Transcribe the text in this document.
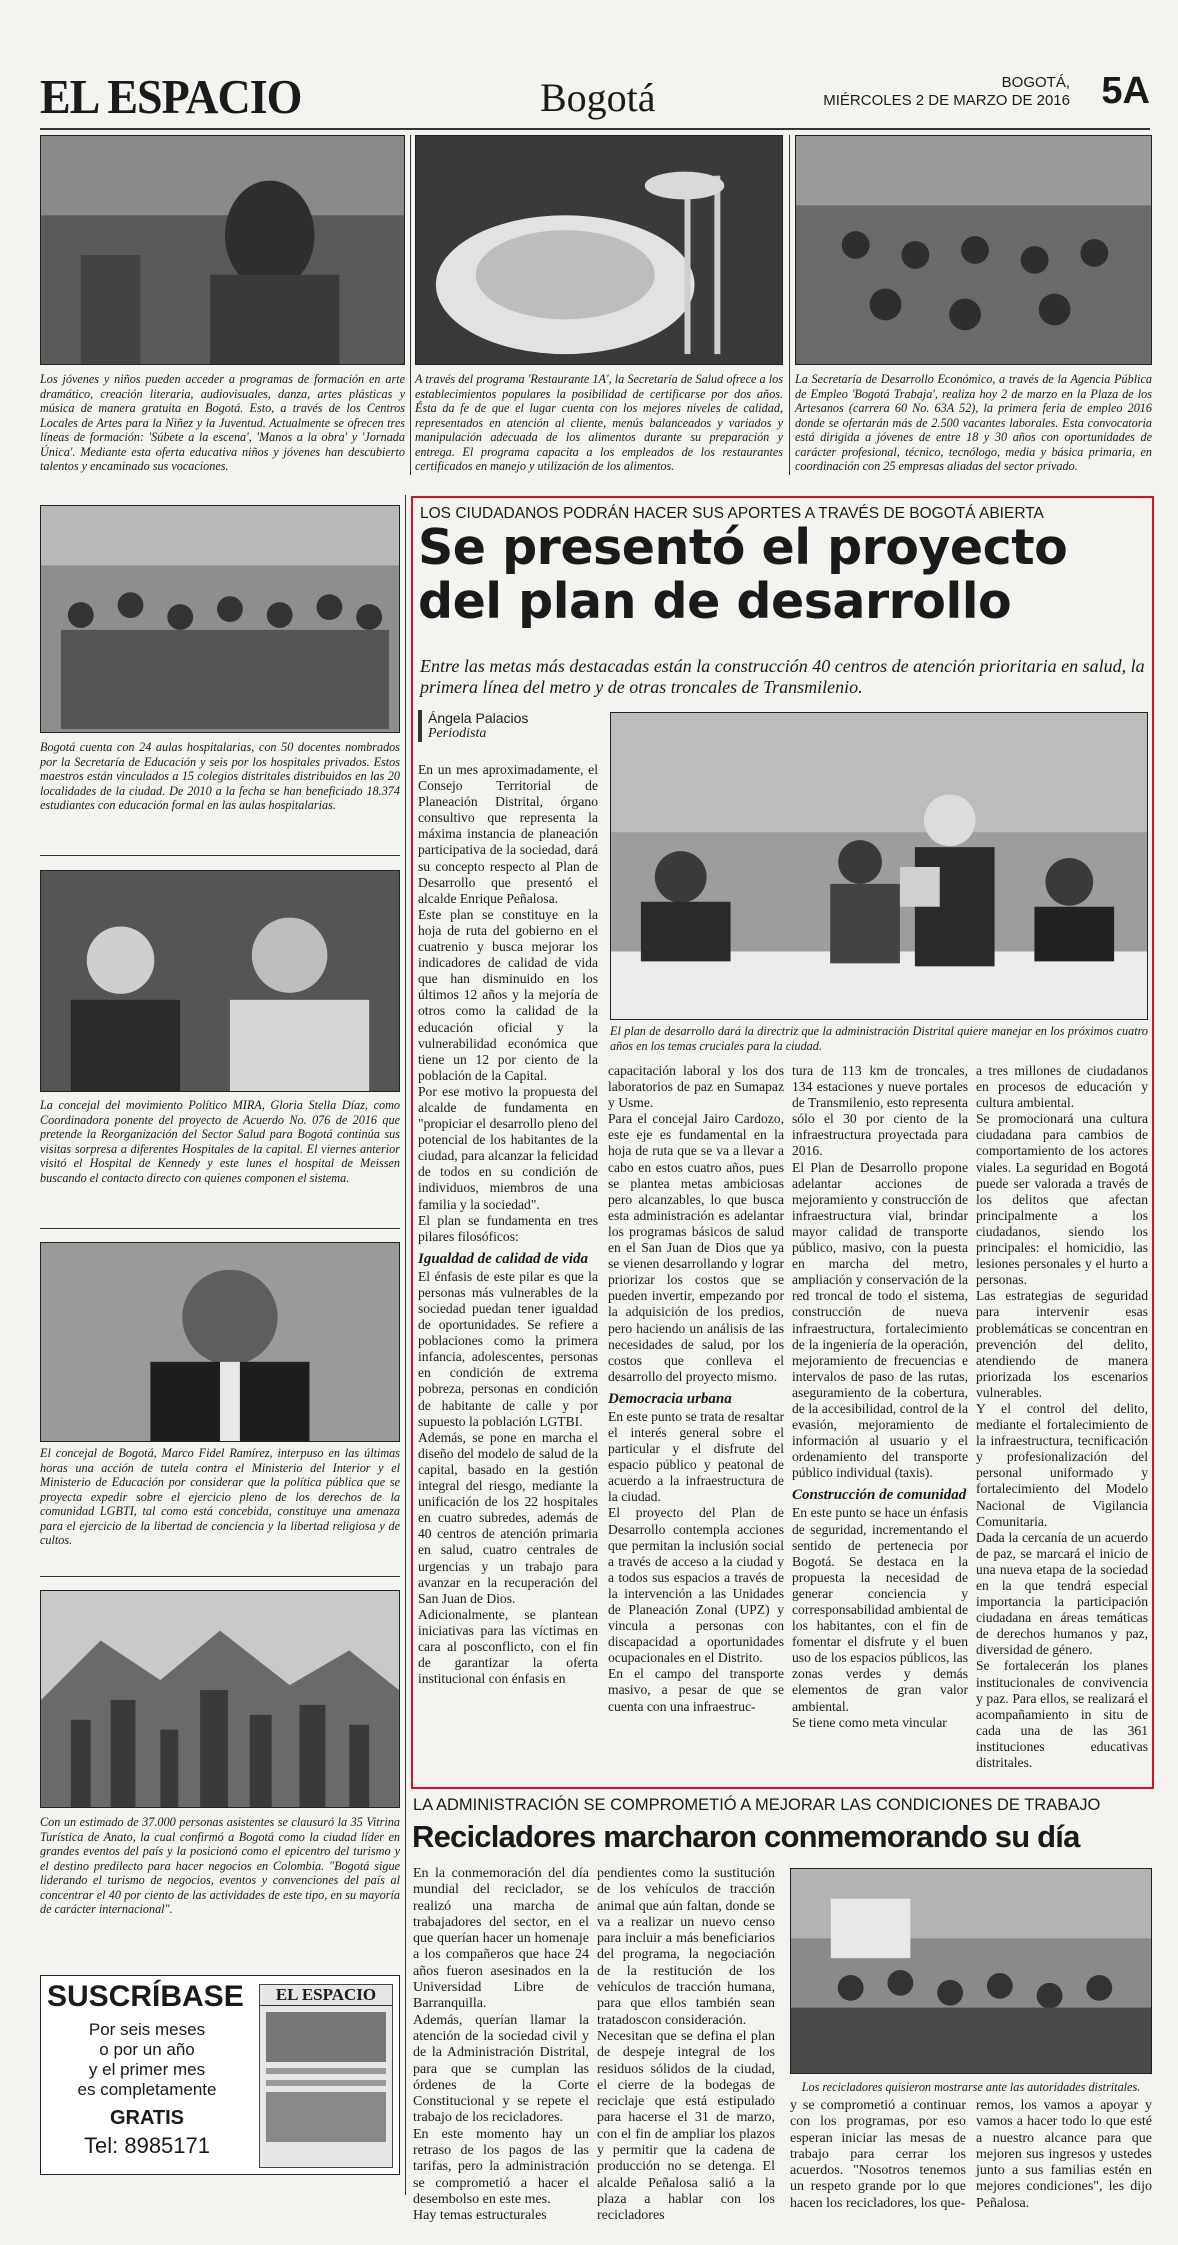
EL ESPACIO	Bogotá	BOGOTÁ,
MIÉRCOLES 2 DE MARZO DE 2016 5A
Los jóvenes y niños pueden acceder a programas de formación en arte dramático, creación literaria, audiovisuales, danza, artes plásticas y música de manera gratuita en Bogotá. Esto, a través de los Centros Locales de Artes para la Niñez y la Juventud. Actualmente se ofrecen tres líneas de formación: 'Súbete a la escena', 'Manos a la obra' y 'Jornada Única'. Mediante esta oferta educativa niños y jóvenes han descubierto talentos y encaminado sus vocaciones.
A través del programa 'Restaurante 1A', la Secretaría de Salud ofrece a los establecimientos populares la posibilidad de certificarse por dos años. Ésta da fe de que el lugar cuenta con los mejores niveles de calidad, representados en atención al cliente, menús balanceados y variados y manipulación adecuada de los alimentos durante su preparación y entrega. El programa capacita a los empleados de los restaurantes certificados en manejo y utilización de los alimentos.
La Secretaría de Desarrollo Económico, a través de la Agencia Pública de Empleo 'Bogotá Trabaja', realiza hoy 2 de marzo en la Plaza de los Artesanos (carrera 60 No. 63A 52), la primera feria de empleo 2016 donde se ofertarán más de 2.500 vacantes laborales. Esta convocatoria está dirigida a jóvenes de entre 18 y 30 años con oportunidades de carácter profesional, técnico, tecnólogo, media y básica primaria, en coordinación con 25 empresas aliadas del sector privado.
Bogotá cuenta con 24 aulas hospitalarias, con 50 docentes nombrados por la Secretaría de Educación y seis por los hospitales privados. Estos maestros están vinculados a 15 colegios distritales distribuidos en las 20 localidades de la ciudad. De 2010 a la fecha se han beneficiado 18.374 estudiantes con educación formal en las aulas hospitalarias.
La concejal del movimiento Político MIRA, Gloria Stella Díaz, como Coordinadora ponente del proyecto de Acuerdo No. 076 de 2016 que pretende la Reorganización del Sector Salud para Bogotá continúa sus visitas sorpresa a diferentes Hospitales de la capital. El viernes anterior visitó el Hospital de Kennedy y este lunes el hospital de Meissen buscando el contacto directo con quienes componen el sistema.
El concejal de Bogotá, Marco Fidel Ramírez, interpuso en las últimas horas una acción de tutela contra el Ministerio del Interior y el Ministerio de Educación por considerar que la política pública que se proyecta expedir sobre el ejercicio pleno de los derechos de la comunidad LGBTI, tal como está concebida, constituye una amenaza para el ejercicio de la libertad de conciencia y la libertad religiosa y de cultos.
Con un estimado de 37.000 personas asistentes se clausuró la 35 Vitrina Turística de Anato, la cual confirmó a Bogotá como la ciudad líder en grandes eventos del país y la posicionó como el epicentro del turismo y el destino predilecto para hacer negocios en Colombia. "Bogotá sigue liderando el turismo de negocios, eventos y convenciones del país al concentrar el 40 por ciento de las actividades de este tipo, en su mayoría de carácter internacional".
SUSCRÍBASE
Por seis meses
o por un año
y el primer mes
es completamente
GRATIS
Tel: 8985171
EL ESPACIO
LOS CIUDADANOS PODRÁN HACER SUS APORTES A TRAVÉS DE BOGOTÁ ABIERTA
Se presentó el proyecto
del plan de desarrollo
Entre las metas más destacadas están la construcción 40 centros de atención prioritaria en salud, la primera línea del metro y de otras troncales de Transmilenio.
Ángela Palacios
Periodista
El plan de desarrollo dará la directriz que la administración Distrital quiere manejar en los próximos cuatro años en los temas cruciales para la ciudad.

En un mes aproximadamente, el Consejo Territorial de Planeación Distrital, órgano consultivo que representa la máxima instancia de planeación participativa de la sociedad, dará su concepto respecto al Plan de Desarrollo que presentó el alcalde Enrique Peñalosa.

Este plan se constituye en la hoja de ruta del gobierno en el cuatrenio y busca mejorar los indicadores de calidad de vida que han disminuido en los últimos 12 años y la mejoría de otros como la calidad de la educación oficial y la vulnerabilidad económica que tiene un 12 por ciento de la población de la Capital.

Por ese motivo la propuesta del alcalde de fundamenta en "propiciar el desarrollo pleno del potencial de los habitantes de la ciudad, para alcanzar la felicidad de todos en su condición de individuos, miembros de una familia y la sociedad".

El plan se fundamenta en tres pilares filosóficos:

Igualdad de calidad de vida

El énfasis de este pilar es que la personas más vulnerables de la sociedad puedan tener igualdad de oportunidades. Se refiere a poblaciones como la primera infancia, adolescentes, personas en condición de extrema pobreza, personas en condición de habitante de calle y por supuesto la población LGTBI.

Además, se pone en marcha el diseño del modelo de salud de la capital, basado en la gestión integral del riesgo, mediante la unificación de los 22 hospitales en cuatro subredes, además de 40 centros de atención primaria en salud, cuatro centrales de urgencias y un trabajo para avanzar en la recuperación del San Juan de Dios.

Adicionalmente, se plantean iniciativas para las víctimas en cara al posconflicto, con el fin de garantizar la oferta institucional con énfasis en

capacitación laboral y los dos laboratorios de paz en Sumapaz y Usme.

Para el concejal Jairo Cardozo, este eje es fundamental en la hoja de ruta que se va a llevar a cabo en estos cuatro años, pues se plantea metas ambiciosas pero alcanzables, lo que busca esta administración es adelantar los programas básicos de salud en el San Juan de Dios que ya se vienen desarrollando y lograr priorizar los costos que se pueden invertir, empezando por la adquisición de los predios, pero haciendo un análisis de las necesidades de salud, por los costos que conlleva el desarrollo del proyecto mismo.

Democracia urbana

En este punto se trata de resaltar el interés general sobre el particular y el disfrute del espacio público y peatonal de acuerdo a la infraestructura de la ciudad.

El proyecto del Plan de Desarrollo contempla acciones que permitan la inclusión social a través de acceso a la ciudad y a todos sus espacios a través de la intervención a las Unidades de Planeación Zonal (UPZ) y vincula a personas con discapacidad a oportunidades ocupacionales en el Distrito.

En el campo del transporte masivo, a pesar de que se cuenta con una infraestruc-

tura de 113 km de troncales, 134 estaciones y nueve portales de Transmilenio, esto representa sólo el 30 por ciento de la infraestructura proyectada para 2016.

El Plan de Desarrollo propone adelantar acciones de mejoramiento y construcción de infraestructura vial, brindar mayor calidad de transporte público, masivo, con la puesta en marcha del metro, ampliación y conservación de la red troncal de todo el sistema, construcción de nueva infraestructura, fortalecimiento de la ingeniería de la operación, mejoramiento de frecuencias e intervalos de paso de las rutas, aseguramiento de la cobertura, de la accesibilidad, control de la evasión, mejoramiento de información al usuario y el ordenamiento del transporte público individual (taxis).

Construcción de comunidad

En este punto se hace un énfasis de seguridad, incrementando el sentido de pertenecia por Bogotá. Se destaca en la propuesta la necesidad de generar conciencia y corresponsabilidad ambiental de los habitantes, con el fin de fomentar el disfrute y el buen uso de los espacios públicos, las zonas verdes y demás elementos de gran valor ambiental.

Se tiene como meta vincular

a tres millones de ciudadanos en procesos de educación y cultura ambiental.

Se promocionará una cultura ciudadana para cambios de comportamiento de los actores viales. La seguridad en Bogotá puede ser valorada a través de los delitos que afectan principalmente a los ciudadanos, siendo los principales: el homicidio, las lesiones personales y el hurto a personas.

Las estrategias de seguridad para intervenir esas problemáticas se concentran en prevención del delito, atendiendo de manera priorizada los escenarios vulnerables.

Y el control del delito, mediante el fortalecimiento de la infraestructura, tecnificación y profesionalización del personal uniformado y fortalecimiento del Modelo Nacional de Vigilancia Comunitaria.

Dada la cercanía de un acuerdo de paz, se marcará el inicio de una nueva etapa de la sociedad en la que tendrá especial importancia la participación ciudadana en áreas temáticas de derechos humanos y paz, diversidad de género.

Se fortalecerán los planes institucionales de convivencia y paz. Para ellos, se realizará el acompañamiento in situ de cada una de las 361 instituciones educativas distritales.

LA ADMINISTRACIÓN SE COMPROMETIÓ A MEJORAR LAS CONDICIONES DE TRABAJO
Recicladores marcharon conmemorando su día

En la conmemoración del día mundial del reciclador, se realizó una marcha de trabajadores del sector, en el que querían hacer un homenaje a los compañeros que hace 24 años fueron asesinados en la Universidad Libre de Barranquilla.

Además, querían llamar la atención de la sociedad civil y de la Administración Distrital, para que se cumplan las órdenes de la Corte Constitucional y se repete el trabajo de los recicladores.

En este momento hay un retraso de los pagos de las tarifas, pero la administración se comprometió a hacer el desembolso en este mes.

Hay temas estructurales

pendientes como la sustitución de los vehículos de tracción animal que aún faltan, donde se va a realizar un nuevo censo para incluir a más beneficiarios del programa, la negociación de la restitución de los vehículos de tracción humana, para que ellos también sean tratadoscon consideración.

Necesitan que se defina el plan de despeje integral de los residuos sólidos de la ciudad, el cierre de la bodegas de reciclaje que está estipulado para hacerse el 31 de marzo, con el fin de ampliar los plazos y permitir que la cadena de producción no se detenga. El alcalde Peñalosa salió a la plaza a hablar con los recicladores

Los recicladores quisieron mostrarse ante las autoridades distritales.

y se comprometió a continuar con los programas, por eso esperan iniciar las mesas de trabajo para cerrar los acuerdos. "Nosotros tenemos un respeto grande por lo que hacen los recicladores, los que-

remos, los vamos a apoyar y vamos a hacer todo lo que esté a nuestro alcance para que mejoren sus ingresos y ustedes junto a sus familias estén en mejores condiciones", les dijo Peñalosa.
